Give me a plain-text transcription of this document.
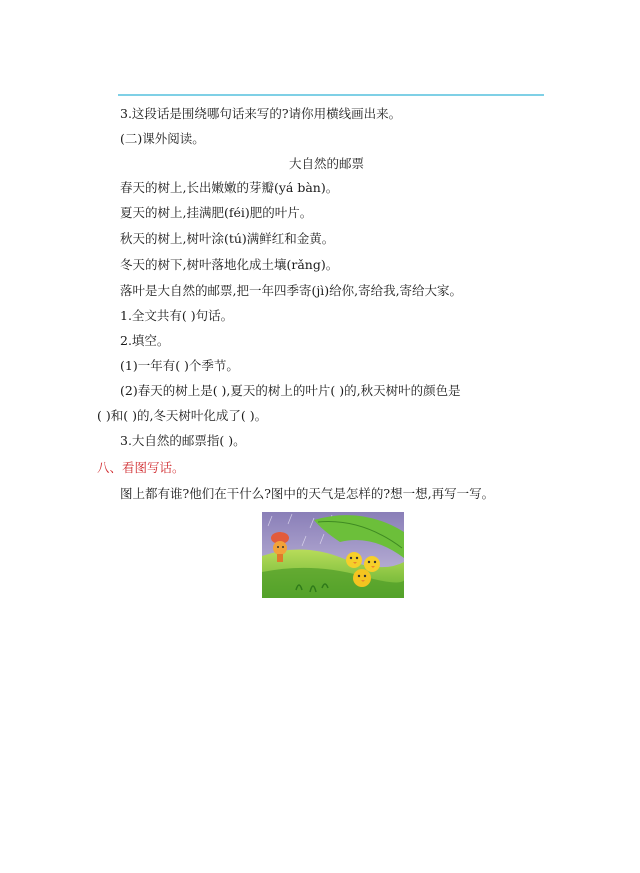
3.这段话是围绕哪句话来写的?请你用横线画出来。
(二)课外阅读。
大自然的邮票
春天的树上,长出嫩嫩的芽瓣(yá bàn)。
夏天的树上,挂满肥(féi)肥的叶片。
秋天的树上,树叶涂(tú)满鲜红和金黄。
冬天的树下,树叶落地化成土壤(rǎng)。
落叶是大自然的邮票,把一年四季寄(jì)给你,寄给我,寄给大家。
1.全文共有( )句话。
2.填空。
(1)一年有( )个季节。
(2)春天的树上是( ),夏天的树上的叶片( )的,秋天树叶的颜色是
( )和( )的,冬天树叶化成了( )。
3.大自然的邮票指( )。
八、看图写话。
图上都有谁?他们在干什么?图中的天气是怎样的?想一想,再写一写。
